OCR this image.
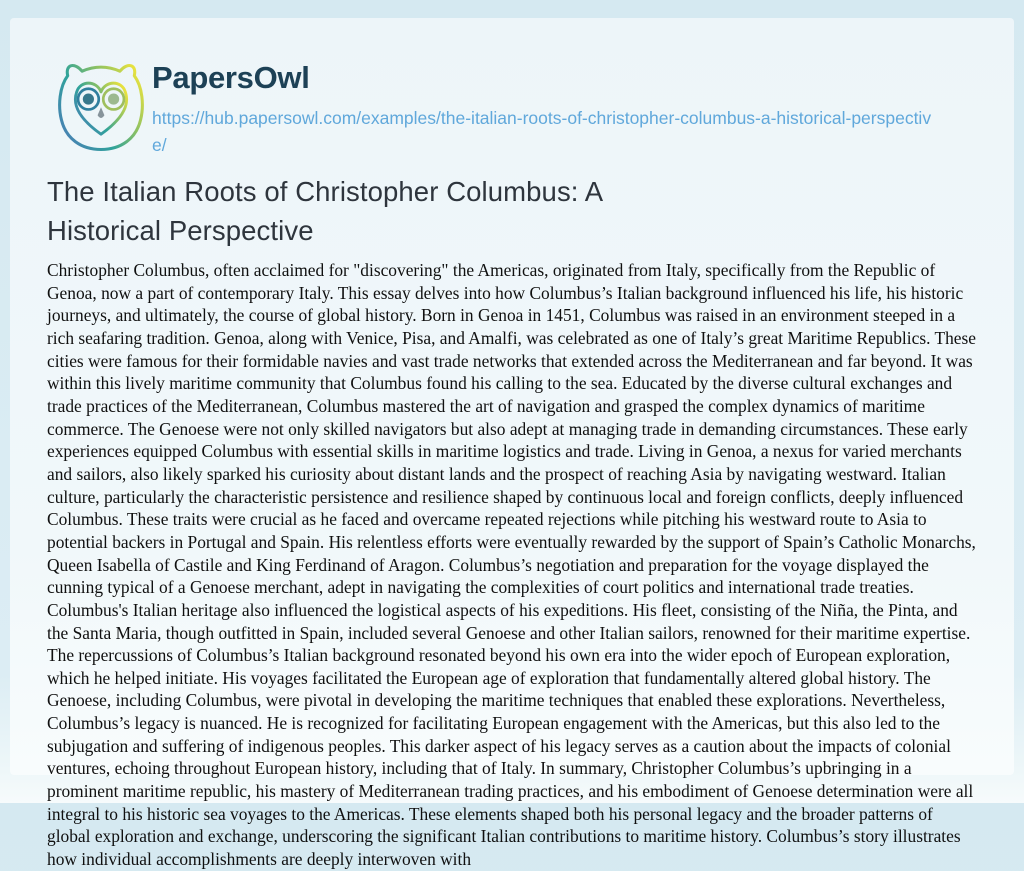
PapersOwl
https://hub.papersowl.com/examples/the-italian-roots-of-christopher-columbus-a-historical-perspective/
The Italian Roots of Christopher Columbus: A Historical Perspective

Christopher Columbus, often acclaimed for "discovering" the Americas, originated from Italy, specifically from the Republic of Genoa, now a part of contemporary Italy. This essay delves into how Columbus’s Italian background influenced his life, his historic journeys, and ultimately, the course of global history. Born in Genoa in 1451, Columbus was raised in an environment steeped in a rich seafaring tradition. Genoa, along with Venice, Pisa, and Amalfi, was celebrated as one of Italy’s great Maritime Republics. These cities were famous for their formidable navies and vast trade networks that extended across the Mediterranean and far beyond. It was within this lively maritime community that Columbus found his calling to the sea. Educated by the diverse cultural exchanges and trade practices of the Mediterranean, Columbus mastered the art of navigation and grasped the complex dynamics of maritime commerce. The Genoese were not only skilled navigators but also adept at managing trade in demanding circumstances. These early experiences equipped Columbus with essential skills in maritime logistics and trade. Living in Genoa, a nexus for varied merchants and sailors, also likely sparked his curiosity about distant lands and the prospect of reaching Asia by navigating westward. Italian culture, particularly the characteristic persistence and resilience shaped by continuous local and foreign conflicts, deeply influenced Columbus. These traits were crucial as he faced and overcame repeated rejections while pitching his westward route to Asia to potential backers in Portugal and Spain. His relentless efforts were eventually rewarded by the support of Spain’s Catholic Monarchs, Queen Isabella of Castile and King Ferdinand of Aragon. Columbus’s negotiation and preparation for the voyage displayed the cunning typical of a Genoese merchant, adept in navigating the complexities of court politics and international trade treaties. Columbus's Italian heritage also influenced the logistical aspects of his expeditions. His fleet, consisting of the Niña, the Pinta, and the Santa Maria, though outfitted in Spain, included several Genoese and other Italian sailors, renowned for their maritime expertise. The repercussions of Columbus’s Italian background resonated beyond his own era into the wider epoch of European exploration, which he helped initiate. His voyages facilitated the European age of exploration that fundamentally altered global history. The Genoese, including Columbus, were pivotal in developing the maritime techniques that enabled these explorations. Nevertheless, Columbus’s legacy is nuanced. He is recognized for facilitating European engagement with the Americas, but this also led to the subjugation and suffering of indigenous peoples. This darker aspect of his legacy serves as a caution about the impacts of colonial ventures, echoing throughout European history, including that of Italy. In summary, Christopher Columbus’s upbringing in a prominent maritime republic, his mastery of Mediterranean trading practices, and his embodiment of Genoese determination were all integral to his historic sea voyages to the Americas. These elements shaped both his personal legacy and the broader patterns of global exploration and exchange, underscoring the significant Italian contributions to maritime history. Columbus’s story illustrates how individual accomplishments are deeply interwoven with
